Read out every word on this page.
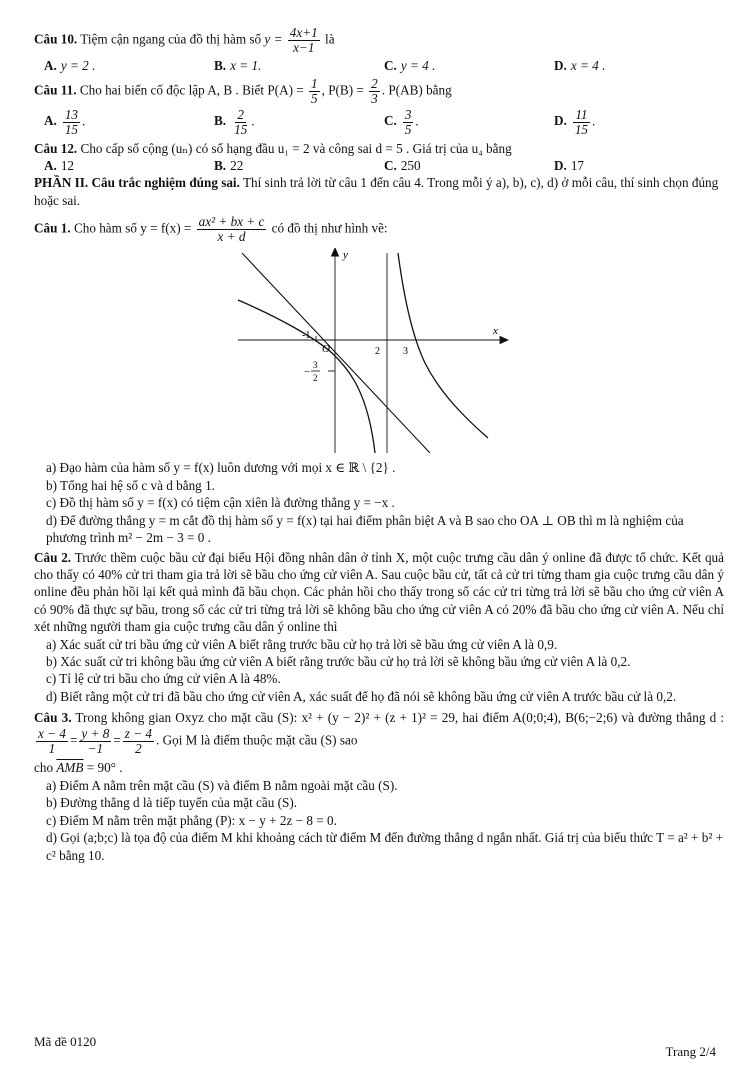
Câu 10. Tiệm cận ngang của đồ thị hàm số $y = \frac{4x+1}{x-1}$ là

A. y = 2 .	B. x = 1.	C. y = 4 .	D. x = 4 .

Câu 11. Cho hai biến cố độc lập A, B . Biết $P(A) = \frac{1}{5}$ , $P(B) = \frac{2}{3}$ . P(AB) bằng

A. $\frac{13}{15}$ .	B. $\frac{2}{15}$ .	C. $\frac{3}{5}$ .	D. $\frac{11}{15}$ .

Câu 12. Cho cấp số cộng (uₙ) có số hạng đầu u₁ = 2 và công sai d = 5 . Giá trị của u₄ bằng

A. 12	B. 22	C. 250	D. 17

PHẦN II. Câu trắc nghiệm đúng sai. Thí sinh trả lời từ câu 1 đến câu 4. Trong mỗi ý a), b), c), d) ở mỗi câu, thí sinh chọn đúng hoặc sai.

Câu 1. Cho hàm số $y = f(x) = \frac{\text{ax² + bx + c}}{x + d}$ có đồ thị như hình vẽ:

y
x
O
-1
2 3
−
3
2

a) Đạo hàm của hàm số y = f(x) luôn dương với mọi x ∈ ℝ \ {2} .

b) Tổng hai hệ số c và d bằng 1.

c) Đồ thị hàm số y = f(x) có tiệm cận xiên là đường thẳng y = −x .

d) Để đường thẳng y = m cắt đồ thị hàm số y = f(x) tại hai điểm phân biệt A và B sao cho OA ⊥ OB thì m là nghiệm của phương trình m² − 2m − 3 = 0 .

Câu 2. Trước thềm cuộc bầu cử đại biểu Hội đồng nhân dân ở tỉnh X, một cuộc trưng cầu dân ý online đã được tổ chức. Kết quả cho thấy có 40% cử tri tham gia trả lời sẽ bầu cho ứng cử viên A. Sau cuộc bầu cử, tất cả cử tri từng tham gia cuộc trưng cầu dân ý online đều phản hồi lại kết quả mình đã bầu chọn. Các phản hồi cho thấy trong số các cử tri từng trả lời sẽ bầu cho ứng cử viên A có 90% đã thực sự bầu, trong số các cử tri từng trả lời sẽ không bầu cho ứng cử viên A có 20% đã bầu cho ứng cử viên A. Nếu chỉ xét những người tham gia cuộc trưng cầu dân ý online thì

a) Xác suất cử tri bầu ứng cử viên A biết rằng trước bầu cử họ trả lời sẽ bầu ứng cử viên A là 0,9.

b) Xác suất cử tri không bầu ứng cử viên A biết rằng trước bầu cử họ trả lời sẽ không bầu ứng cử viên A là 0,2.

c) Tỉ lệ cử tri bầu cho ứng cử viên A là 48%.

d) Biết rằng một cử tri đã bầu cho ứng cử viên A, xác suất để họ đã nói sẽ không bầu ứng cử viên A trước bầu cử là 0,2.

Câu 3. Trong không gian Oxyz cho mặt cầu (S): x² + (y − 2)² + (z + 1)² = 29, hai điểm A(0;0;4), B(6;−2;6) và đường thẳng d :
$\frac{x - 4}{1} = \frac{y + 8}{-1} = \frac{z - 4}{2}$ . Gọi M là điểm thuộc mặt cầu (S) sao

cho $\overline{AMB} = 90^\circ$ .

a) Điểm A nằm trên mặt cầu (S) và điểm B nằm ngoài mặt cầu (S).

b) Đường thẳng d là tiếp tuyến của mặt cầu (S).

c) Điểm M nằm trên mặt phẳng (P): x − y + 2z − 8 = 0.

d) Gọi (a;b;c) là tọa độ của điểm M khi khoảng cách từ điểm M đến đường thẳng d ngắn nhất. Giá trị của biểu thức T = a² + b² + c² bằng 10.

Mã đề 0120
Trang 2/4
